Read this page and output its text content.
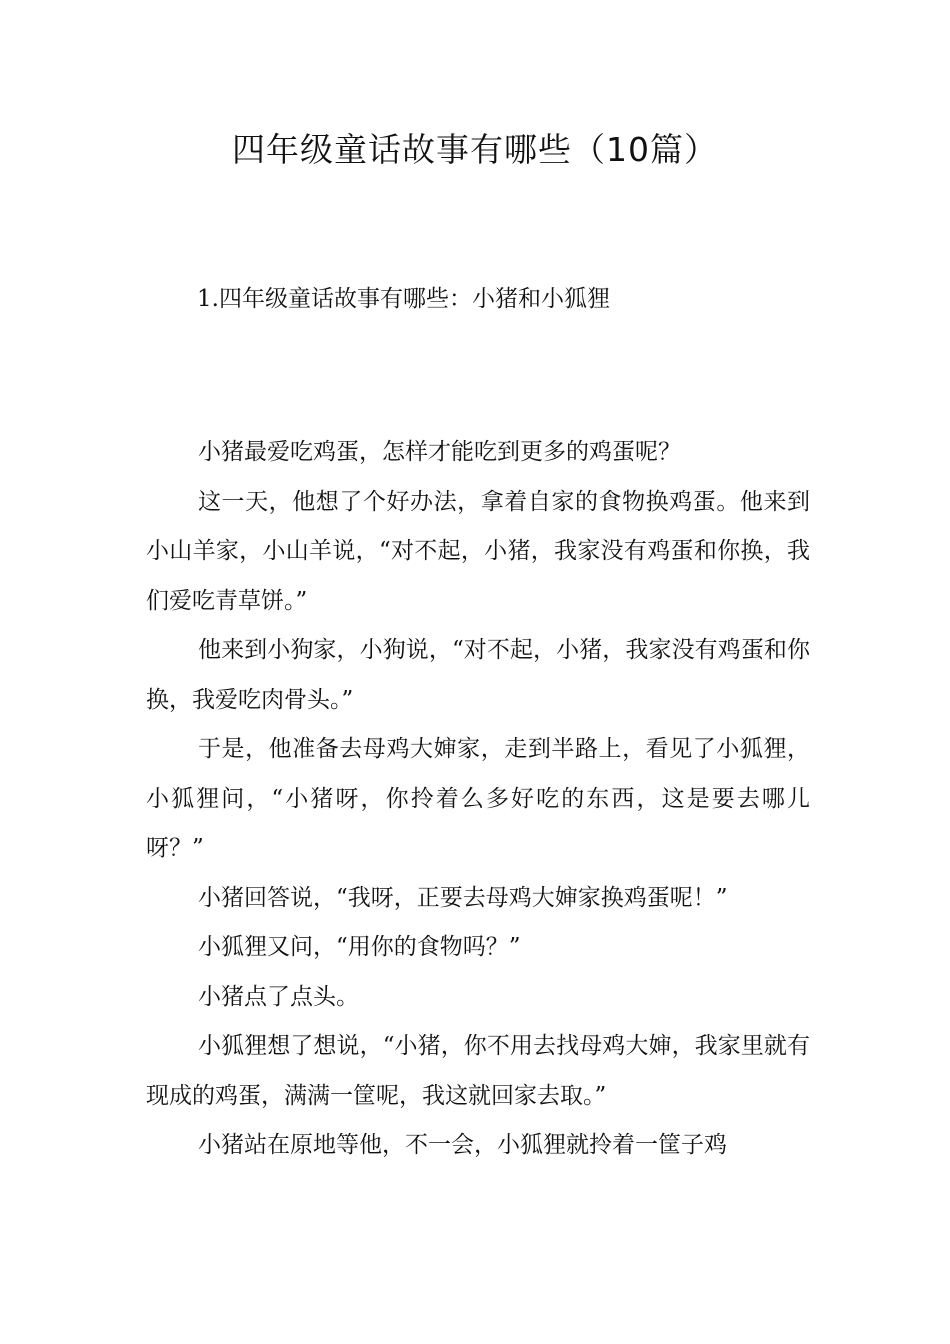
四年级童话故事有哪些（10篇）
1.四年级童话故事有哪些：小猪和小狐狸

小猪最爱吃鸡蛋，怎样才能吃到更多的鸡蛋呢？

这一天，他想了个好办法，拿着自家的食物换鸡蛋。他来到小山羊家，小山羊说，“对不起，小猪，我家没有鸡蛋和你换，我们爱吃青草饼。”

他来到小狗家，小狗说，“对不起，小猪，我家没有鸡蛋和你换，我爱吃肉骨头。”

于是，他准备去母鸡大婶家，走到半路上，看见了小狐狸，小狐狸问，“小猪呀，你拎着么多好吃的东西，这是要去哪儿呀？”

小猪回答说，“我呀，正要去母鸡大婶家换鸡蛋呢！”

小狐狸又问，“用你的食物吗？”

小猪点了点头。

小狐狸想了想说，“小猪，你不用去找母鸡大婶，我家里就有现成的鸡蛋，满满一筐呢，我这就回家去取。”

小猪站在原地等他，不一会，小狐狸就拎着一筐子鸡
